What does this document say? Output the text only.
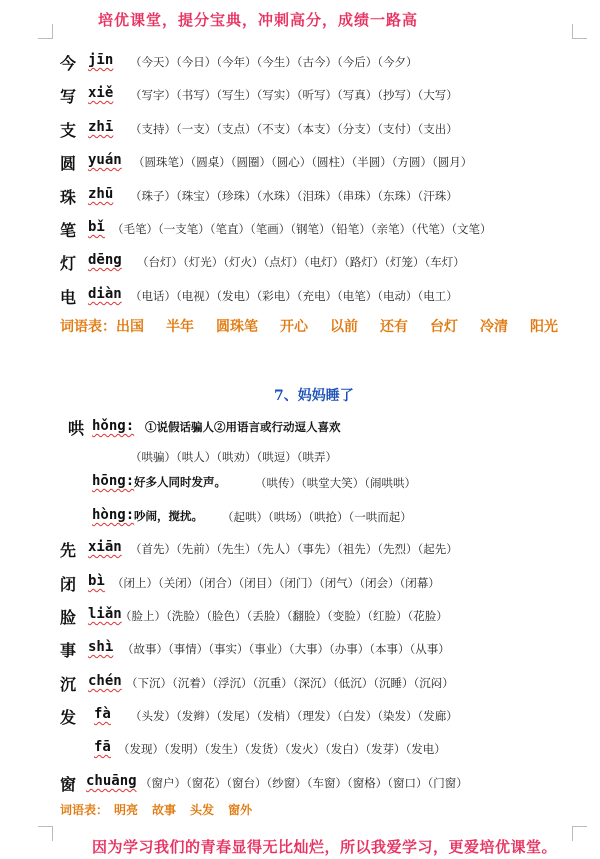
培优课堂，提分宝典，冲刺高分，成绩一路高
今 jīn （今天）（今日）（今年）（今生）（古今）（今后）（今夕）
写 xiě （写字）（书写）（写生）（写实）（听写）（写真）（抄写）（大写）
支 zhī （支持）（一支）（支点）（不支）（本支）（分支）（支付）（支出）
圆 yuán （圆珠笔）（圆桌）（圆圈）（圆心）（圆柱）（半圆）（方圆）（圆月）
珠 zhū （珠子）（珠宝）（珍珠）（水珠）（泪珠）（串珠）（东珠）（汗珠）
笔 bǐ （毛笔）（一支笔）（笔直）（笔画）（钢笔）（铅笔）（亲笔）（代笔）（文笔）
灯 dēng （台灯）（灯光）（灯火）（点灯）（电灯）（路灯）（灯笼）（车灯）
电 diàn （电话）（电视）（发电）（彩电）（充电）（电笔）（电动）（电工）
词语表：出国 半年 圆珠笔 开心 以前 还有 台灯 冷清 阳光
7、妈妈睡了
哄 hǒng: ①说假话骗人②用语言或行动逗人喜欢
（哄骗）（哄人）（哄劝）（哄逗）（哄弄）
hōng: 好多人同时发声。	（哄传）（哄堂大笑）（闹哄哄）
hòng: 吵闹，搅扰。 （起哄）（哄场）（哄抢）（一哄而起）
先 xiān （首先）（先前）（先生）（先人）（事先）（祖先）（先烈）（起先）
闭 bì （闭上）（关闭）（闭合）（闭目）（闭门）（闭气）（闭会）（闭幕）
脸 liǎn
（脸上）（洗脸）（脸色）（丢脸）（翻脸）（变脸）（红脸）（花脸）
事 shì （故事）（事情）（事实）（事业）（大事）（办事）（本事）（从事）
沉 chén （下沉）（沉着）（浮沉）（沉重）（深沉）（低沉）（沉睡）（沉闷）
发 fà （头发）（发辫）（发尾）（发梢）（理发）（白发）（染发）（发廊）
fā （发现）（发明）（发生）（发货）（发火）（发白）（发芽）（发电）
窗 chuāng （窗户）（窗花）（窗台）（纱窗）（车窗）（窗格）（窗口）（门窗）
词语表： 明亮 故事 头发 窗外
因为学习我们的青春显得无比灿烂，所以我爱学习，更爱培优课堂。
